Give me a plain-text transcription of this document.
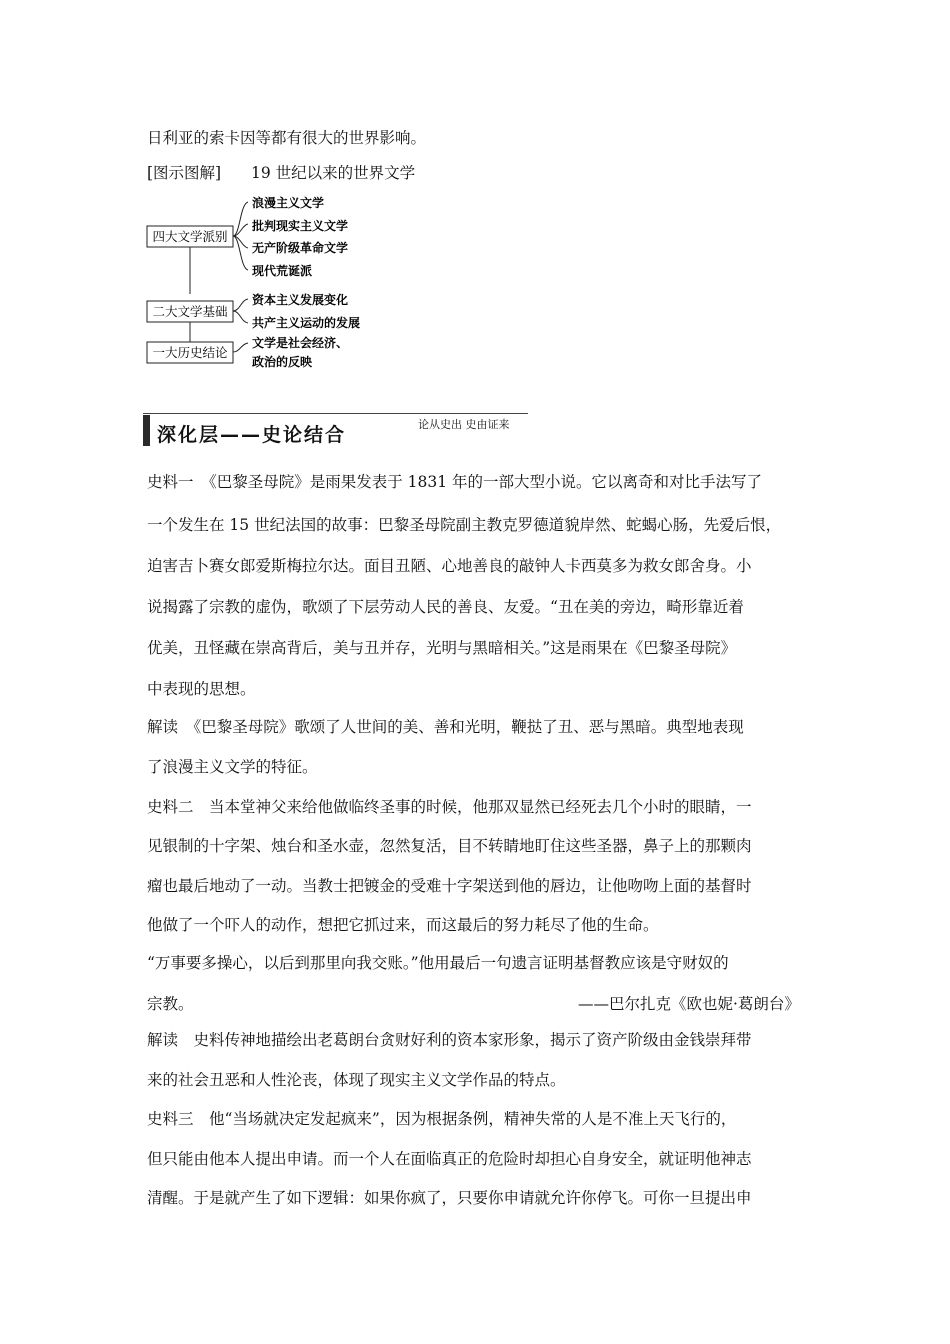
日利亚的索卡因等都有很大的世界影响。
[图示图解] 19 世纪以来的世界文学
四大文学派别
浪漫主义文学
批判现实主义文学
无产阶级革命文学
现代荒诞派
二大文学基础
资本主义发展变化
共产主义运动的发展
一大历史结论
文学是社会经济、
政治的反映
深化层——史论结合	论从史出 史由证来
史料一　《巴黎圣母院》是雨果发表于 1831 年的一部大型小说。它以离奇和对比手法写了
一个发生在 15 世纪法国的故事：巴黎圣母院副主教克罗德道貌岸然、蛇蝎心肠，先爱后恨，
迫害吉卜赛女郎爱斯梅拉尔达。面目丑陋、心地善良的敲钟人卡西莫多为救女郎舍身。小
说揭露了宗教的虚伪，歌颂了下层劳动人民的善良、友爱。“丑在美的旁边，畸形靠近着
优美，丑怪藏在崇高背后，美与丑并存，光明与黑暗相关。”这是雨果在《巴黎圣母院》
中表现的思想。
解读　《巴黎圣母院》歌颂了人世间的美、善和光明，鞭挞了丑、恶与黑暗。典型地表现
了浪漫主义文学的特征。
史料二　当本堂神父来给他做临终圣事的时候，他那双显然已经死去几个小时的眼睛，一
见银制的十字架、烛台和圣水壶，忽然复活，目不转睛地盯住这些圣器，鼻子上的那颗肉
瘤也最后地动了一动。当教士把镀金的受难十字架送到他的唇边，让他吻吻上面的基督时
他做了一个吓人的动作，想把它抓过来，而这最后的努力耗尽了他的生命。
“万事要多操心，以后到那里向我交账。”他用最后一句遗言证明基督教应该是守财奴的
宗教。	——巴尔扎克《欧也妮·葛朗台》
解读　史料传神地描绘出老葛朗台贪财好利的资本家形象，揭示了资产阶级由金钱崇拜带
来的社会丑恶和人性沦丧，体现了现实主义文学作品的特点。
史料三　他“当场就决定发起疯来”，因为根据条例，精神失常的人是不准上天飞行的，
但只能由他本人提出申请。而一个人在面临真正的危险时却担心自身安全，就证明他神志
清醒。于是就产生了如下逻辑：如果你疯了，只要你申请就允许你停飞。可你一旦提出申
